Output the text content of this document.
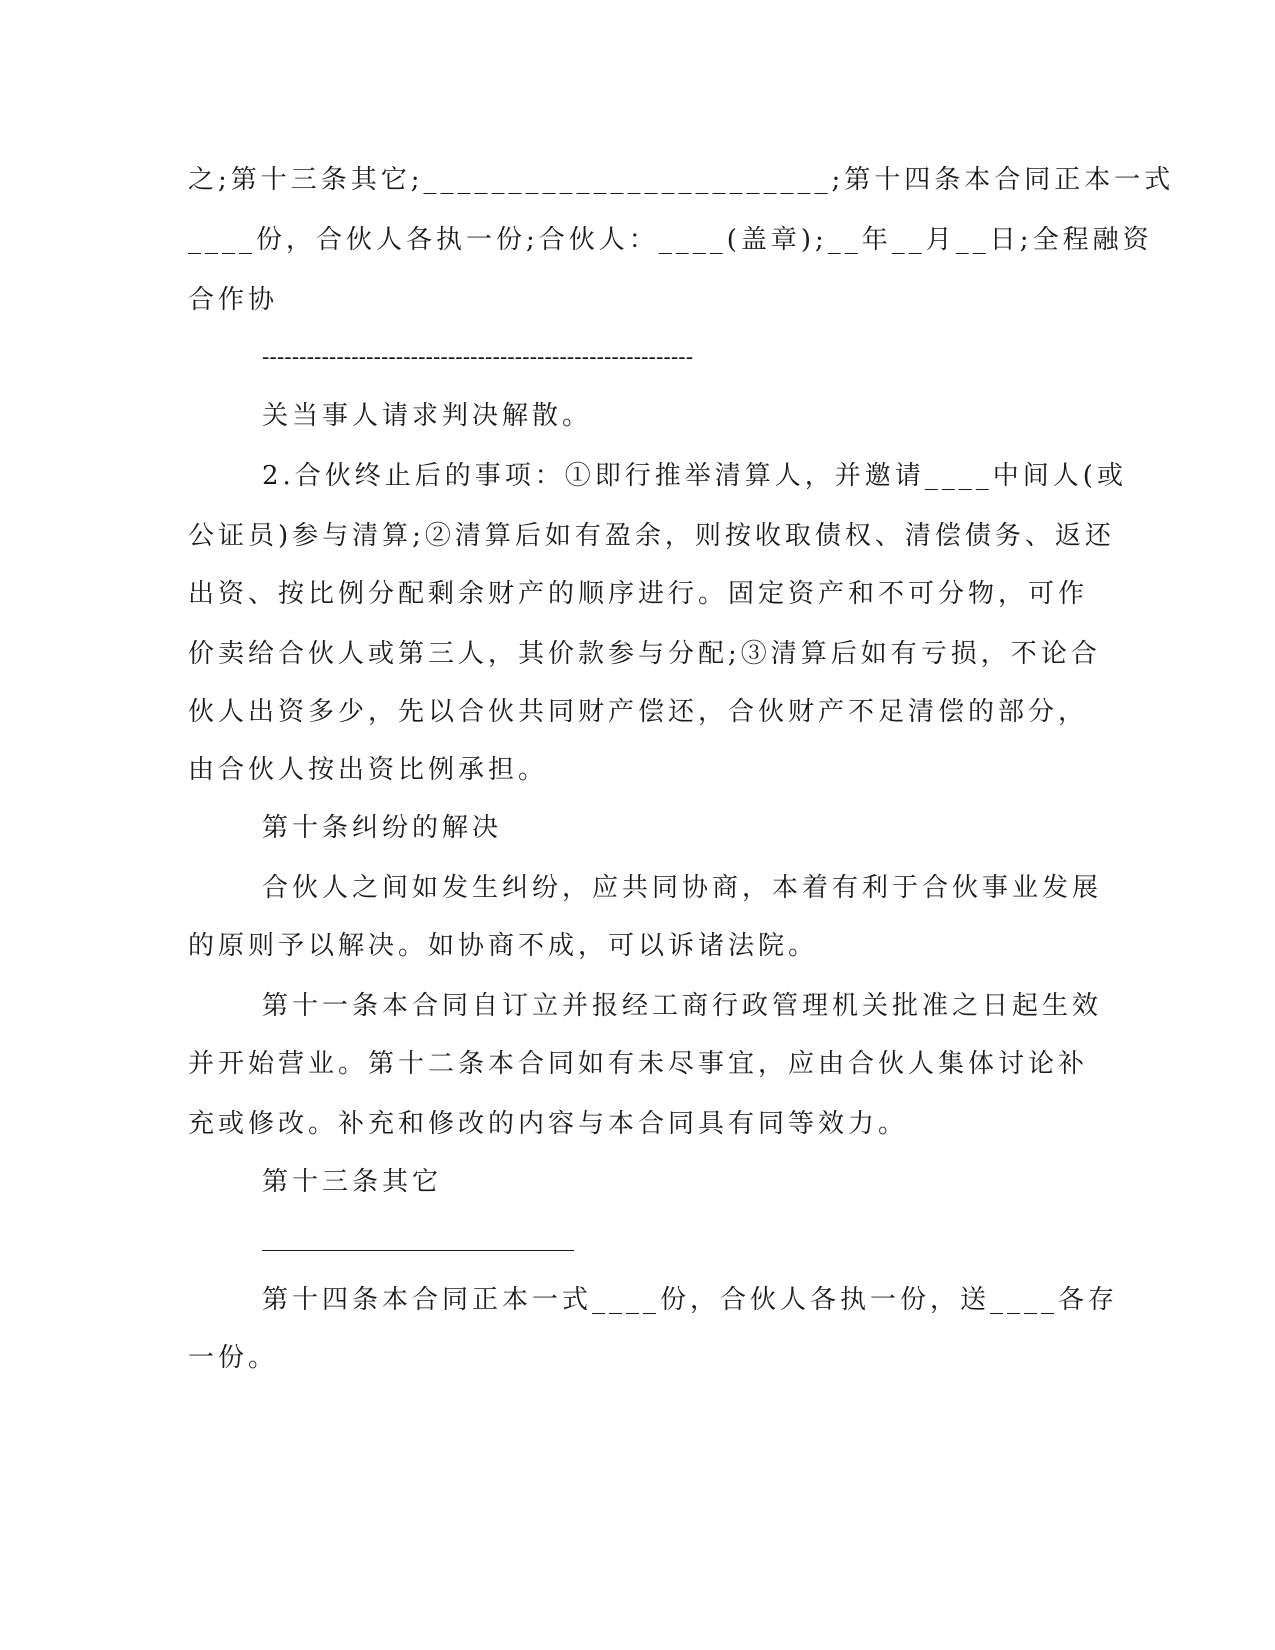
之;第十三条其它;________________________;第十四条本合同正本一式
____份，合伙人各执一份;合伙人：____(盖章);__年__月__日;全程融资
合作协
----------------------------------------------------------
关当事人请求判决解散。
2.合伙终止后的事项：①即行推举清算人，并邀请____中间人(或
公证员)参与清算;②清算后如有盈余，则按收取债权、清偿债务、返还
出资、按比例分配剩余财产的顺序进行。固定资产和不可分物，可作
价卖给合伙人或第三人，其价款参与分配;③清算后如有亏损，不论合
伙人出资多少，先以合伙共同财产偿还，合伙财产不足清偿的部分，
由合伙人按出资比例承担。
第十条纠纷的解决
合伙人之间如发生纠纷，应共同协商，本着有利于合伙事业发展
的原则予以解决。如协商不成，可以诉诸法院。
第十一条本合同自订立并报经工商行政管理机关批准之日起生效
并开始营业。第十二条本合同如有未尽事宜，应由合伙人集体讨论补
充或修改。补充和修改的内容与本合同具有同等效力。
第十三条其它
第十四条本合同正本一式____份，合伙人各执一份，送____各存
一份。
